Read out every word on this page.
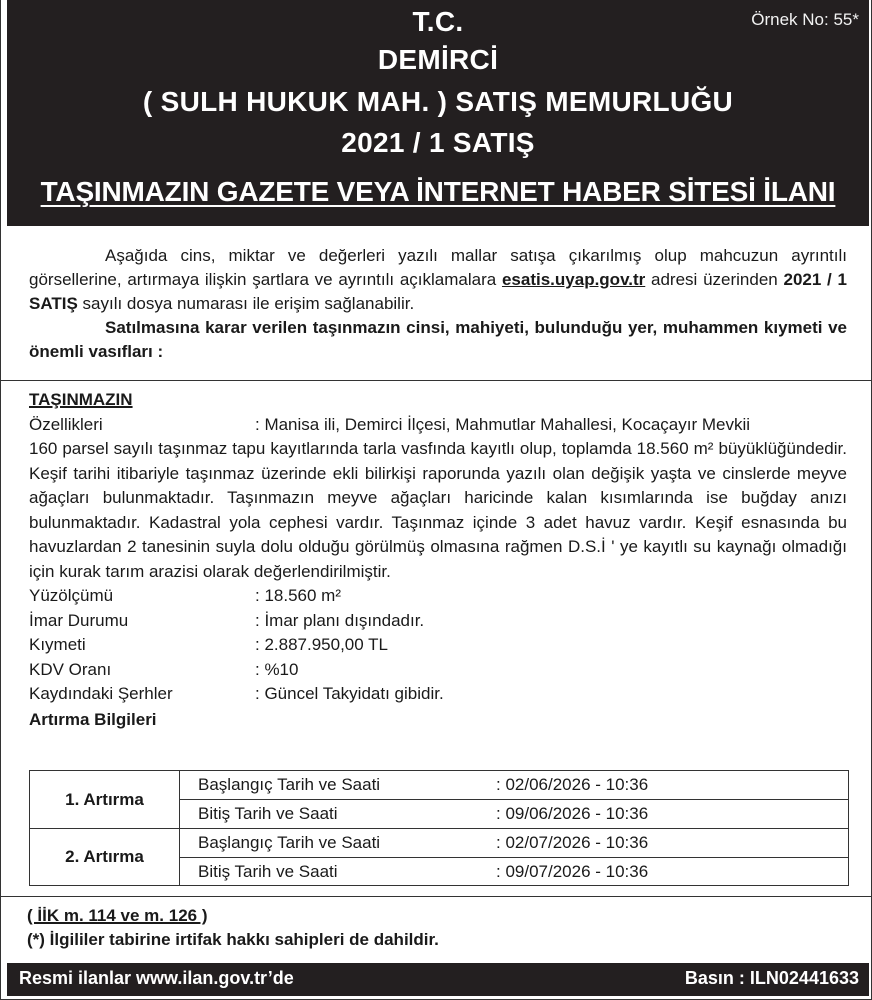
Örnek No: 55*
T.C.
DEMİRCİ
( SULH HUKUK MAH. ) SATIŞ MEMURLUĞU
2021 / 1 SATIŞ
TAŞINMAZIN GAZETE VEYA İNTERNET HABER SİTESİ İLANI

Aşağıda cins, miktar ve değerleri yazılı mallar satışa çıkarılmış olup mahcuzun ayrıntılı görsellerine, artırmaya ilişkin şartlara ve ayrıntılı açıklamalara esatis.uyap.gov.tr adresi üzerinden 2021 / 1 SATIŞ sayılı dosya numarası ile erişim sağlanabilir.

Satılmasına karar verilen taşınmazın cinsi, mahiyeti, bulunduğu yer, muhammen kıymeti ve önemli vasıfları :

TAŞINMAZIN
Özellikleri	: Manisa ili, Demirci İlçesi, Mahmutlar Mahallesi, Kocaçayır Mevkii
160 parsel sayılı taşınmaz tapu kayıtlarında tarla vasfında kayıtlı olup, toplamda 18.560 m² büyüklüğündedir. Keşif tarihi itibariyle taşınmaz üzerinde ekli bilirkişi raporunda yazılı olan değişik yaşta ve cinslerde meyve ağaçları bulunmaktadır. Taşınmazın meyve ağaçları haricinde kalan kısımlarında ise buğday anızı bulunmaktadır. Kadastral yola cephesi vardır. Taşınmaz içinde 3 adet havuz vardır. Keşif esnasında bu havuzlardan 2 tanesinin suyla dolu olduğu görülmüş olmasına rağmen D.S.İ ' ye kayıtlı su kaynağı olmadığı için kurak tarım arazisi olarak değerlendirilmiştir.
Yüzölçümü	: 18.560 m²
İmar Durumu	: İmar planı dışındadır.
Kıymeti	: 2.887.950,00 TL
KDV Oranı	: %10
Kaydındaki Şerhler	: Güncel Takyidatı gibidir.
Artırma Bilgileri
1. Artırma
Başlangıç Tarih ve Saati	: 02/06/2026 - 10:36
Bitiş Tarih ve Saati	: 09/06/2026 - 10:36
2. Artırma
Başlangıç Tarih ve Saati	: 02/07/2026 - 10:36
Bitiş Tarih ve Saati	: 09/07/2026 - 10:36
( İİK m. 114 ve m. 126 )
(*) İlgililer tabirine irtifak hakkı sahipleri de dahildir.
Resmi ilanlar www.ilan.gov.tr’de	Basın : ILN02441633
